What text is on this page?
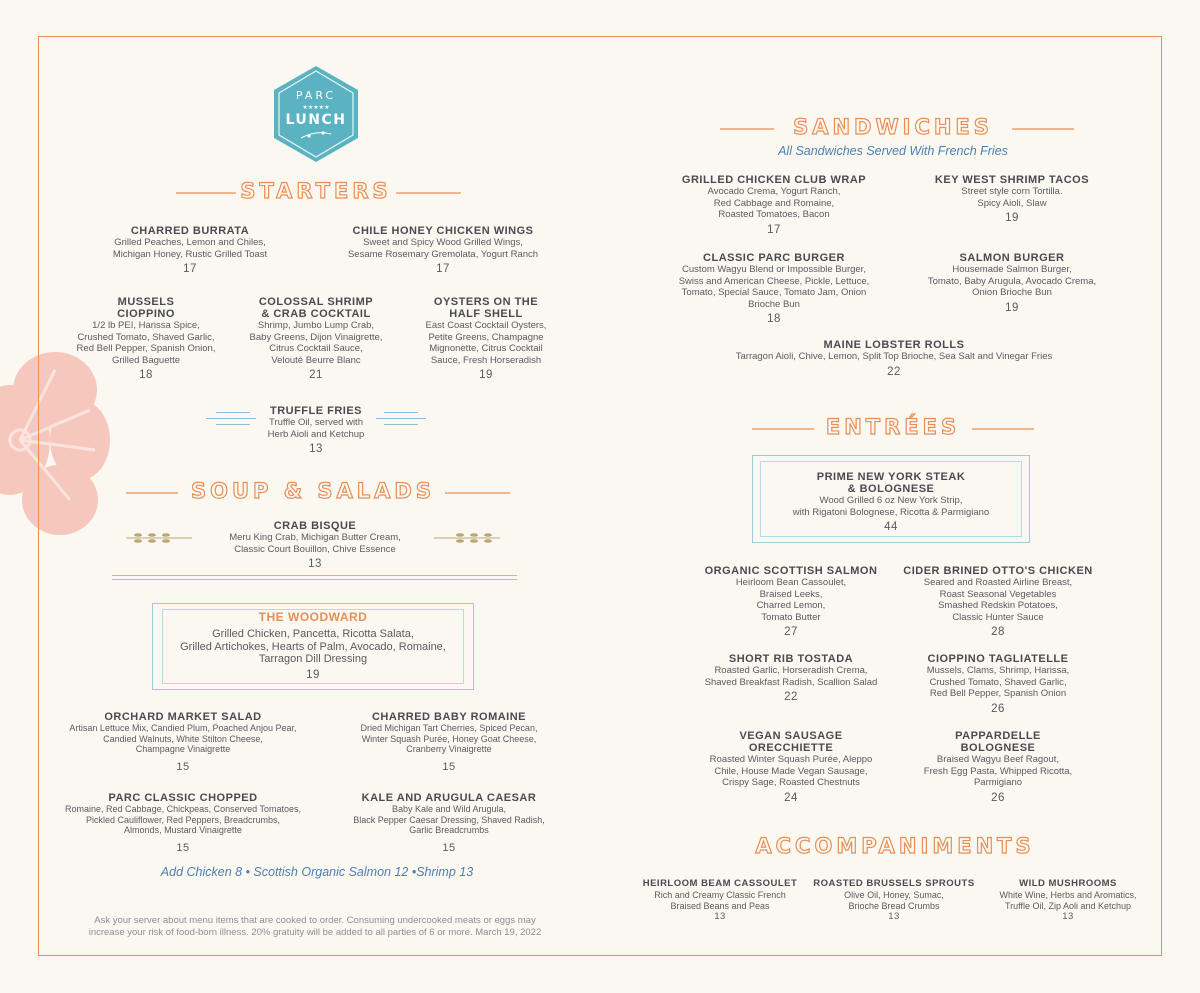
PARC
★★★★★
LUNCH
STARTERS
CHARRED BURRATA
Grilled Peaches, Lemon and Chiles,
Michigan Honey, Rustic Grilled Toast
17
CHILE HONEY CHICKEN WINGS
Sweet and Spicy Wood Grilled Wings,
Sesame Rosemary Gremolata, Yogurt Ranch
17
MUSSELS
CIOPPINO
1/2 lb PEI, Harissa Spice,
Crushed Tomato, Shaved Garlic,
Red Bell Pepper, Spanish Onion,
Grilled Baguette
18
COLOSSAL SHRIMP
& CRAB COCKTAIL
Shrimp, Jumbo Lump Crab,
Baby Greens, Dijon Vinaigrette,
Citrus Cocktail Sauce,
Velouté Beurre Blanc
21
OYSTERS ON THE
HALF SHELL
East Coast Cocktail Oysters,
Petite Greens, Champagne
Mignonette, Citrus Cocktail
Sauce, Fresh Horseradish
19
TRUFFLE FRIES
Truffle Oil, served with
Herb Aioli and Ketchup
13
SOUP & SALADS
CRAB BISQUE
Meru King Crab, Michigan Butter Cream,
Classic Court Bouillon, Chive Essence
13
THE WOODWARD
Grilled Chicken, Pancetta, Ricotta Salata,
Grilled Artichokes, Hearts of Palm, Avocado, Romaine,
Tarragon Dill Dressing
19
ORCHARD MARKET SALAD
Artisan Lettuce Mix, Candied Plum, Poached Anjou Pear,
Candied Walnuts, White Stilton Cheese,
Champagne Vinaigrette
15
CHARRED BABY ROMAINE
Dried Michigan Tart Cherries, Spiced Pecan,
Winter Squash Purée, Honey Goat Cheese,
Cranberry Vinaigrette
15
PARC CLASSIC CHOPPED
Romaine, Red Cabbage, Chickpeas, Conserved Tomatoes,
Pickled Cauliflower, Red Peppers, Breadcrumbs,
Almonds, Mustard Vinaigrette
15
KALE AND ARUGULA CAESAR
Baby Kale and Wild Arugula,
Black Pepper Caesar Dressing, Shaved Radish,
Garlic Breadcrumbs
15
Add Chicken 8 • Scottish Organic Salmon 12 •Shrimp 13
Ask your server about menu items that are cooked to order. Consuming undercooked meats or eggs may
increase your risk of food-born illness. 20% gratuity will be added to all parties of 6 or more. March 19, 2022
SANDWICHES
All Sandwiches Served With French Fries
GRILLED CHICKEN CLUB WRAP
Avocado Crema, Yogurt Ranch,
Red Cabbage and Romaine,
Roasted Tomatoes, Bacon
17
KEY WEST SHRIMP TACOS
Street style corn Tortilla.
Spicy Aioli, Slaw
19
CLASSIC PARC BURGER
Custom Wagyu Blend or Impossible Burger,
Swiss and American Cheese, Pickle, Lettuce,
Tomato, Special Sauce, Tomato Jam, Onion
Brioche Bun
18
SALMON BURGER
Housemade Salmon Burger,
Tomato, Baby Arugula, Avocado Crema,
Onion Brioche Bun
19
MAINE LOBSTER ROLLS
Tarragon Aioli, Chive, Lemon, Split Top Brioche, Sea Salt and Vinegar Fries
22
ENTRÉES
PRIME NEW YORK STEAK
& BOLOGNESE
Wood Grilled 6 oz New York Strip,
with Rigatoni Bolognese, Ricotta & Parmigiano
44
ORGANIC SCOTTISH SALMON
Heirloom Bean Cassoulet,
Braised Leeks,
Charred Lemon,
Tomato Butter
27
CIDER BRINED OTTO'S CHICKEN
Seared and Roasted Airline Breast,
Roast Seasonal Vegetables
Smashed Redskin Potatoes,
Classic Hunter Sauce
28
SHORT RIB TOSTADA
Roasted Garlic, Horseradish Crema,
Shaved Breakfast Radish, Scallion Salad
22
CIOPPINO TAGLIATELLE
Mussels, Clams, Shrimp, Harissa,
Crushed Tomato, Shaved Garlic,
Red Bell Pepper, Spanish Onion
26
VEGAN SAUSAGE
ORECCHIETTE
Roasted Winter Squash Purée, Aleppo
Chile, House Made Vegan Sausage,
Crispy Sage, Roasted Chestnuts
24
PAPPARDELLE
BOLOGNESE
Braised Wagyu Beef Ragout,
Fresh Egg Pasta, Whipped Ricotta,
Parmigiano
26
ACCOMPANIMENTS
HEIRLOOM BEAM CASSOULET
Rich and Creamy Classic French
Braised Beans and Peas
13
ROASTED BRUSSELS SPROUTS
Olive Oil, Honey, Sumac,
Brioche Bread Crumbs
13
WILD MUSHROOMS
White Wine, Herbs and Aromatics,
Truffle Oil, Zip Aoli and Ketchup
13
